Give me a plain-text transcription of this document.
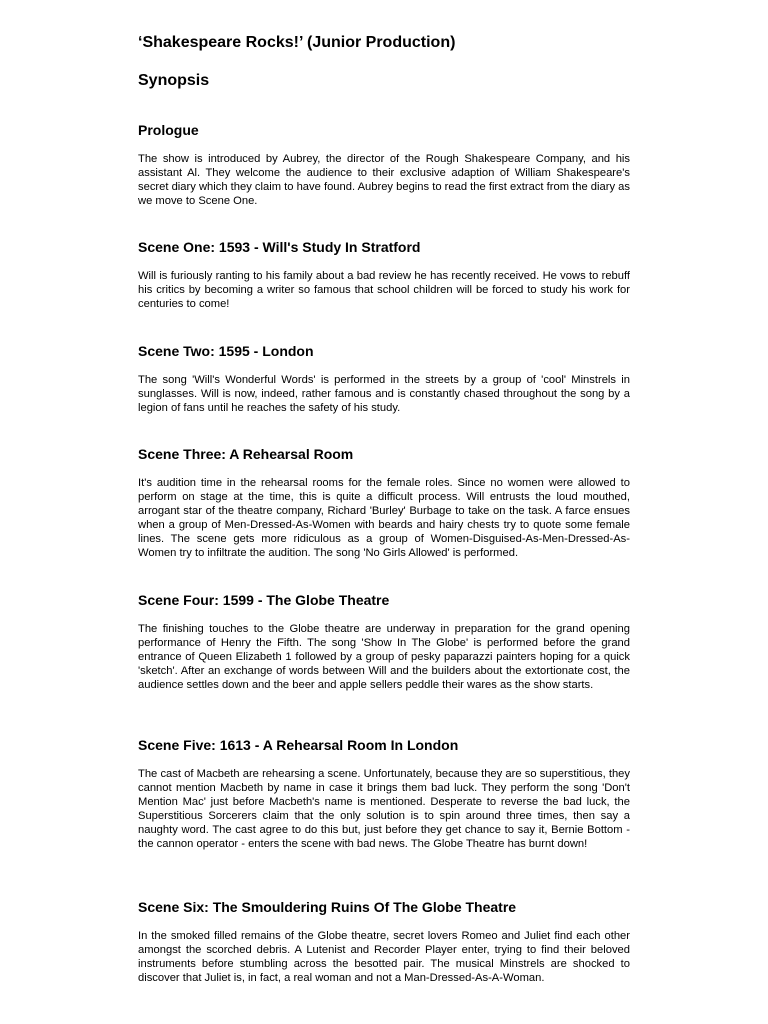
‘Shakespeare Rocks!’ (Junior Production)
Synopsis
Prologue

The show is introduced by Aubrey, the director of the Rough Shakespeare Company, and his assistant Al. They welcome the audience to their exclusive adaption of William Shakespeare's secret diary which they claim to have found. Aubrey begins to read the first extract from the diary as we move to Scene One.

Scene One: 1593 - Will's Study In Stratford

Will is furiously ranting to his family about a bad review he has recently received. He vows to rebuff his critics by becoming a writer so famous that school children will be forced to study his work for centuries to come!

Scene Two: 1595 - London

The song 'Will's Wonderful Words' is performed in the streets by a group of 'cool' Minstrels in sunglasses. Will is now, indeed, rather famous and is constantly chased throughout the song by a legion of fans until he reaches the safety of his study.

Scene Three: A Rehearsal Room

It's audition time in the rehearsal rooms for the female roles. Since no women were allowed to perform on stage at the time, this is quite a difficult process. Will entrusts the loud mouthed, arrogant star of the theatre company, Richard 'Burley' Burbage to take on the task. A farce ensues when a group of Men-Dressed-As-Women with beards and hairy chests try to quote some female lines. The scene gets more ridiculous as a group of Women-Disguised-As-Men-Dressed-As-Women try to infiltrate the audition. The song 'No Girls Allowed' is performed.

Scene Four: 1599 - The Globe Theatre

The finishing touches to the Globe theatre are underway in preparation for the grand opening performance of Henry the Fifth. The song 'Show In The Globe' is performed before the grand entrance of Queen Elizabeth 1 followed by a group of pesky paparazzi painters hoping for a quick 'sketch'. After an exchange of words between Will and the builders about the extortionate cost, the audience settles down and the beer and apple sellers peddle their wares as the show starts.

Scene Five: 1613 - A Rehearsal Room In London

The cast of Macbeth are rehearsing a scene. Unfortunately, because they are so superstitious, they cannot mention Macbeth by name in case it brings them bad luck. They perform the song 'Don't Mention Mac' just before Macbeth's name is mentioned. Desperate to reverse the bad luck, the Superstitious Sorcerers claim that the only solution is to spin around three times, then say a naughty word. The cast agree to do this but, just before they get chance to say it, Bernie Bottom - the cannon operator - enters the scene with bad news. The Globe Theatre has burnt down!

Scene Six: The Smouldering Ruins Of The Globe Theatre

In the smoked filled remains of the Globe theatre, secret lovers Romeo and Juliet find each other amongst the scorched debris. A Lutenist and Recorder Player enter, trying to find their beloved instruments before stumbling across the besotted pair. The musical Minstrels are shocked to discover that Juliet is, in fact, a real woman and not a Man-Dressed-As-A-Woman.
